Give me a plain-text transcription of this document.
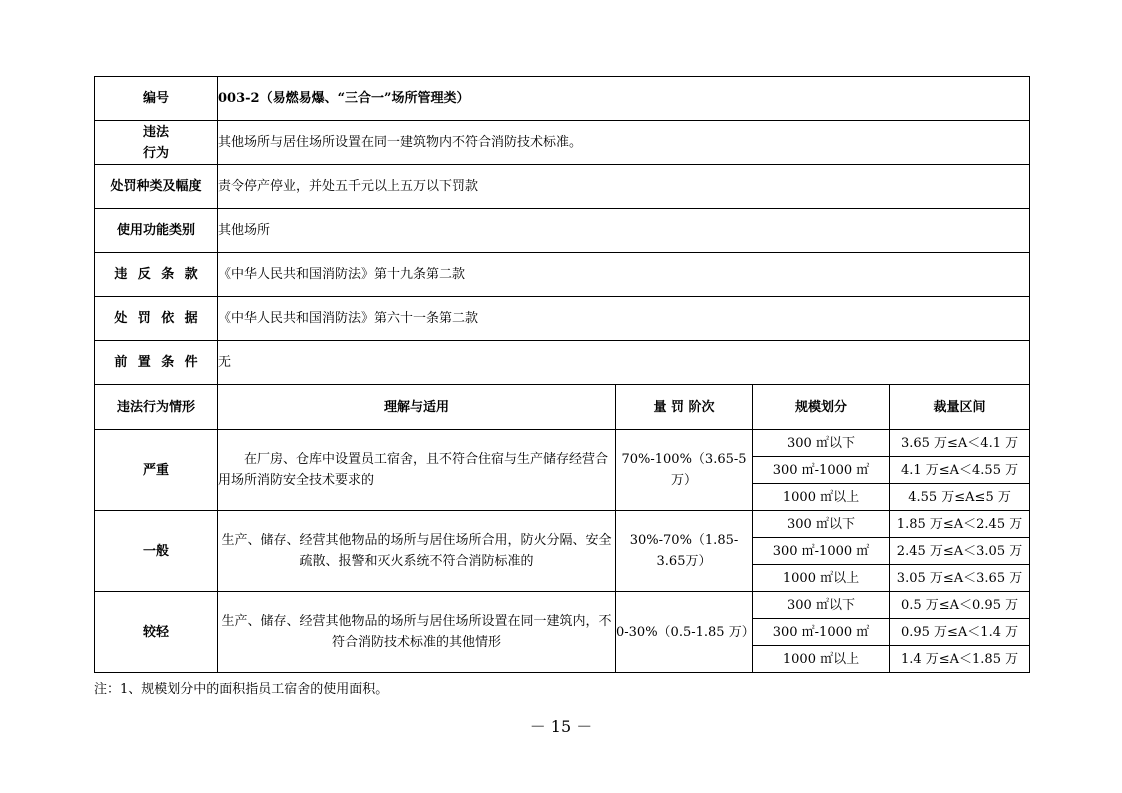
编号	003-2（易燃易爆、“三合一”场所管理类）			
违法
行为	其他场所与居住场所设置在同一建筑物内不符合消防技术标准。			
处罚种类及幅度	责令停产停业，并处五千元以上五万以下罚款			
使用功能类别	其他场所			
违反条款	《中华人民共和国消防法》第十九条第二款			
处罚依据	《中华人民共和国消防法》第六十一条第二款			
前置条件	无			
违法行为情形	理解与适用	量 罚 阶次	规模划分	裁量区间
严重	在厂房、仓库中设置员工宿舍，且不符合住宿与生产储存经营合用场所消防安全技术要求的	70%-100%（3.65-5万）	300 ㎡以下	3.65 万≤A＜4.1 万
			300 ㎡-1000 ㎡	4.1 万≤A＜4.55 万
			1000 ㎡以上	4.55 万≤A≤5 万
一般	生产、储存、经营其他物品的场所与居住场所合用，防火分隔、安全疏散、报警和灭火系统不符合消防标准的	30%-70%（1.85-3.65万）	300 ㎡以下	1.85 万≤A＜2.45 万
			300 ㎡-1000 ㎡	2.45 万≤A＜3.05 万
			1000 ㎡以上	3.05 万≤A＜3.65 万
较轻	生产、储存、经营其他物品的场所与居住场所设置在同一建筑内，不符合消防技术标准的其他情形	0-30%（0.5-1.85 万）	300 ㎡以下	0.5 万≤A＜0.95 万
			300 ㎡-1000 ㎡	0.95 万≤A＜1.4 万
			1000 ㎡以上	1.4 万≤A＜1.85 万
注：1、规模划分中的面积指员工宿舍的使用面积。
－ 15 －
